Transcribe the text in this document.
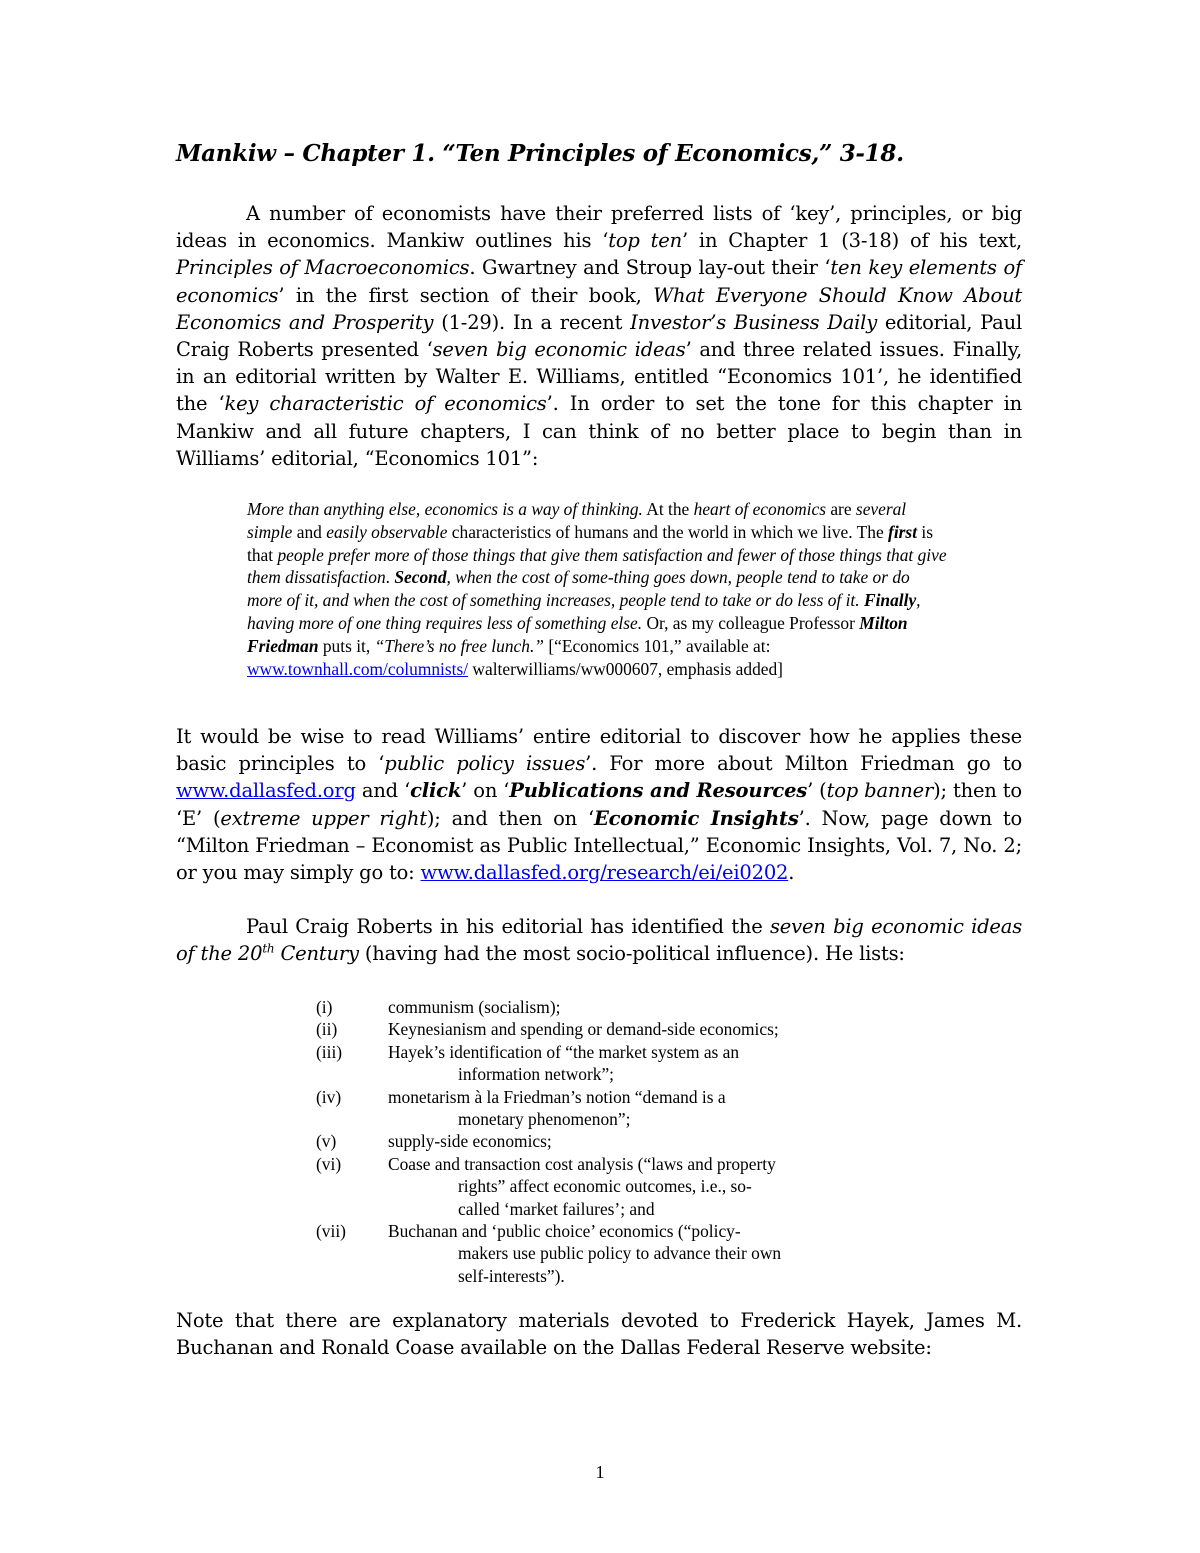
Mankiw – Chapter 1. “Ten Principles of Economics,” 3-18.

A number of economists have their preferred lists of ‘key’, principles, or big ideas in economics. Mankiw outlines his ‘top ten’ in Chapter 1 (3-18) of his text, Principles of Macroeconomics. Gwartney and Stroup lay-out their ‘ten key elements of economics’ in the first section of their book, What Everyone Should Know About Economics and Prosperity (1-29). In a recent Investor’s Business Daily editorial, Paul Craig Roberts presented ‘seven big economic ideas’ and three related issues. Finally, in an editorial written by Walter E. Williams, entitled “Economics 101’, he identified the ‘key characteristic of economics’. In order to set the tone for this chapter in Mankiw and all future chapters, I can think of no better place to begin than in Williams’ editorial, “Economics 101”:

More than anything else, economics is a way of thinking. At the heart of economics are several simple and easily observable characteristics of humans and the world in which we live. The first is that people prefer more of those things that give them satisfaction and fewer of those things that give them dissatisfaction. Second, when the cost of some-thing goes down, people tend to take or do more of it, and when the cost of something increases, people tend to take or do less of it. Finally, having more of one thing requires less of something else. Or, as my colleague Professor Milton Friedman puts it, “There’s no free lunch.” [“Economics 101,” available at: www.townhall.com/columnists/ walterwilliams/ww000607, emphasis added]

It would be wise to read Williams’ entire editorial to discover how he applies these basic principles to ‘public policy issues’. For more about Milton Friedman go to www.dallasfed.org and ‘click’ on ‘Publications and Resources’ (top banner); then to ‘E’ (extreme upper right); and then on ‘Economic Insights’. Now, page down to “Milton Friedman – Economist as Public Intellectual,” Economic Insights, Vol. 7, No. 2; or you may simply go to: www.dallasfed.org/research/ei/ei0202.

Paul Craig Roberts in his editorial has identified the seven big economic ideas of the 20th Century (having had the most socio-political influence). He lists:

(i)	communism (socialism);
(ii)	Keynesianism and spending or demand-side economics;
(iii)	Hayek’s identification of “the market system as an
information network”;
(iv)	monetarism à la Friedman’s notion “demand is a
monetary phenomenon”;
(v)	supply-side economics;
(vi)	Coase and transaction cost analysis (“laws and property
rights” affect economic outcomes, i.e., so-
called ‘market failures’; and
(vii)	Buchanan and ‘public choice’ economics (“policy-
makers use public policy to advance their own
self-interests”).

Note that there are explanatory materials devoted to Frederick Hayek, James M. Buchanan and Ronald Coase available on the Dallas Federal Reserve website:

1
